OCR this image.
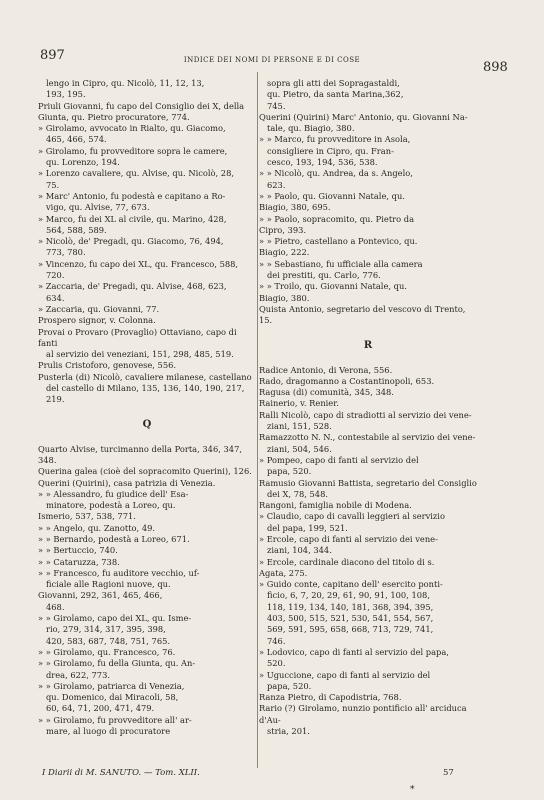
897	INDICE DEI NOMI DI PERSONE E DI COSE	898
lengo in Cipro, qu. Nicolò, 11, 12, 13,
193, 195.
Priuli Giovanni, fu capo del Consiglio dei X, della
Giunta, qu. Pietro procuratore, 774.
» Girolamo, avvocato in Rialto, qu. Giacomo,
465, 466, 574.
» Girolamo, fu provveditore sopra le camere,
qu. Lorenzo, 194.
» Lorenzo cavaliere, qu. Alvise, qu. Nicolò, 28,
75.
» Marc' Antonio, fu podestà e capitano a Ro-
vigo, qu. Alvise, 77, 673.
» Marco, fu dei XL al civile, qu. Marino, 428,
564, 588, 589.
» Nicolò, de' Pregadi, qu. Giacomo, 76, 494,
773, 780.
» Vincenzo, fu capo dei XL, qu. Francesco, 588,
720.
» Zaccaria, de' Pregadi, qu. Alvise, 468, 623,
634.
» Zaccaria, qu. Giovanni, 77.
Prospero signor, v. Colonna.
Provai o Provaro (Provaglio) Ottaviano, capo di fanti
al servizio dei veneziani, 151, 298, 485, 519.
Prulis Cristoforo, genovese, 556.
Pusterla (di) Nicolò, cavaliere milanese, castellano
del castello di Milano, 135, 136, 140, 190, 217,
219.
Q
Quarto Alvise, turcimanno della Porta, 346, 347, 348.
Querina galea (cioè del sopracomito Querini), 126.
Querini (Quirini), casa patrizia di Venezia.
» » Alessandro, fu giudice dell' Esa-
minatore, podestà a Loreo, qu.
Ismerio, 537, 538, 771.
» » Angelo, qu. Zanotto, 49.
» » Bernardo, podestà a Loreo, 671.
» » Bertuccio, 740.
» » Cataruzza, 738.
» » Francesco, fu auditore vecchio, uf-
ficiale alle Ragioni nuove, qu.
Giovanni, 292, 361, 465, 466,
468.
» » Girolamo, capo dei XL, qu. Isme-
rio, 279, 314, 317, 395, 398,
420, 583, 687, 748, 751, 765.
» » Girolamo, qu. Francesco, 76.
» » Girolamo, fu della Giunta, qu. An-
drea, 622, 773.
» » Girolamo, patriarca di Venezia,
qu. Domenico, dai Miracoli, 58,
60, 64, 71, 200, 471, 479.
» » Girolamo, fu provveditore all' ar-
mare, al luogo di procuratore
sopra gli atti dei Sopragastaldi,
qu. Pietro, da santa Marina,362,
745.
Querini (Quirini) Marc' Antonio, qu. Giovanni Na-
tale, qu. Biagio, 380.
» » Marco, fu provveditore in Asola,
consigliere in Cipro, qu. Fran-
cesco, 193, 194, 536, 538.
» » Nicolò, qu. Andrea, da s. Angelo,
623.
» » Paolo, qu. Giovanni Natale, qu.
Biagio, 380, 695.
» » Paolo, sopracomito, qu. Pietro da
Cipro, 393.
» » Pietro, castellano a Pontevico, qu.
Biagio, 222.
» » Sebastiano, fu ufficiale alla camera
dei prestiti, qu. Carlo, 776.
» » Troilo, qu. Giovanni Natale, qu.
Biagio, 380.
Quista Antonio, segretario del vescovo di Trento, 15.
R
Radice Antonio, di Verona, 556.
Rado, dragomanno a Costantinopoli, 653.
Ragusa (di) comunità, 345, 348.
Rainerio, v. Renier.
Ralli Nicolò, capo di stradiotti al servizio dei vene-
ziani, 151, 528.
Ramazzotto N. N., contestabile al servizio dei vene-
ziani, 504, 546.
» Pompeo, capo di fanti al servizio del
papa, 520.
Ramusio Giovanni Battista, segretario del Consiglio
dei X, 78, 548.
Rangoni, famiglia nobile di Modena.
» Claudio, capo di cavalli leggieri al servizio
del papa, 199, 521.
» Ercole, capo di fanti al servizio dei vene-
ziani, 104, 344.
» Ercole, cardinale diacono del titolo di s.
Agata, 275.
» Guido conte, capitano dell' esercito ponti-
ficio, 6, 7, 20, 29, 61, 90, 91, 100, 108,
118, 119, 134, 140, 181, 368, 394, 395,
403, 500, 515, 521, 530, 541, 554, 567,
569, 591, 595, 658, 668, 713, 729, 741,
746.
» Lodovico, capo di fanti al servizio del papa,
520.
» Uguccione, capo di fanti al servizio del
papa, 520.
Ranza Pietro, di Capodistria, 768.
Rario (?) Girolamo, nunzio pontificio all' arciduca d'Au-
stria, 201.
I Diarii di M. SANUTO. — Tom. XLII.	57
*
